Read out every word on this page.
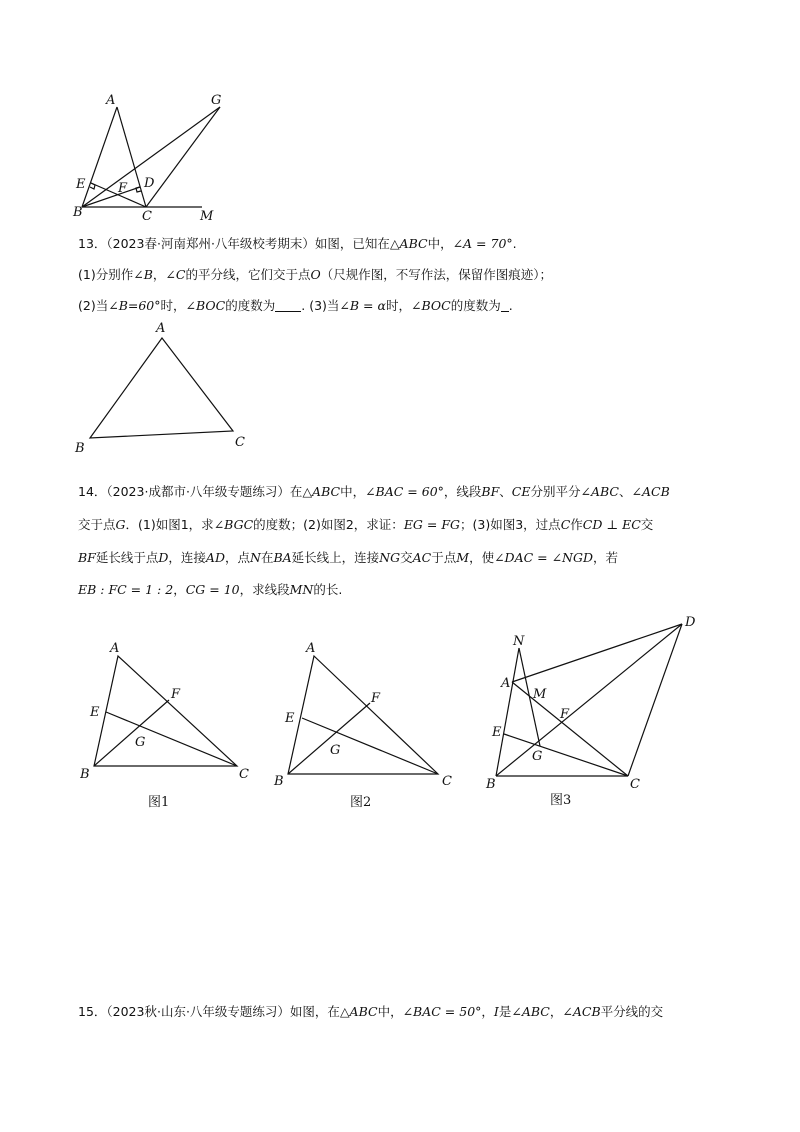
A	G
E	F D
B	C	M
13．（2023春·河南郑州·八年级校考期末）如图，已知在△ABC中，∠A = 70°.
(1)分别作∠B，∠C的平分线，它们交于点O（尺规作图，不写作法，保留作图痕迹）；
(2)当∠B=60°时，∠BOC的度数为 . (3)当∠B = α时，∠BOC的度数为 .
A
B	C
14．（2023·成都市·八年级专题练习）在△ABC中，∠BAC = 60°，线段BF、CE分别平分∠ABC、∠ACB
交于点G．(1)如图1，求∠BGC的度数；(2)如图2，求证：EG = FG；(3)如图3，过点C作CD ⊥ EC交
BF延长线于点D，连接AD，点N在BA延长线上，连接NG交AC于点M，使∠DAC = ∠NGD，若
EB : FC = 1 : 2，CG = 10，求线段MN的长.
A
E
F
G
B	C
图1
A
E
F
G
B	C
图2
N
A
M
D
F
E
G
B	C
图3
15．（2023秋·山东·八年级专题练习）如图，在△ABC中，∠BAC = 50°，I是∠ABC，∠ACB平分线的交
